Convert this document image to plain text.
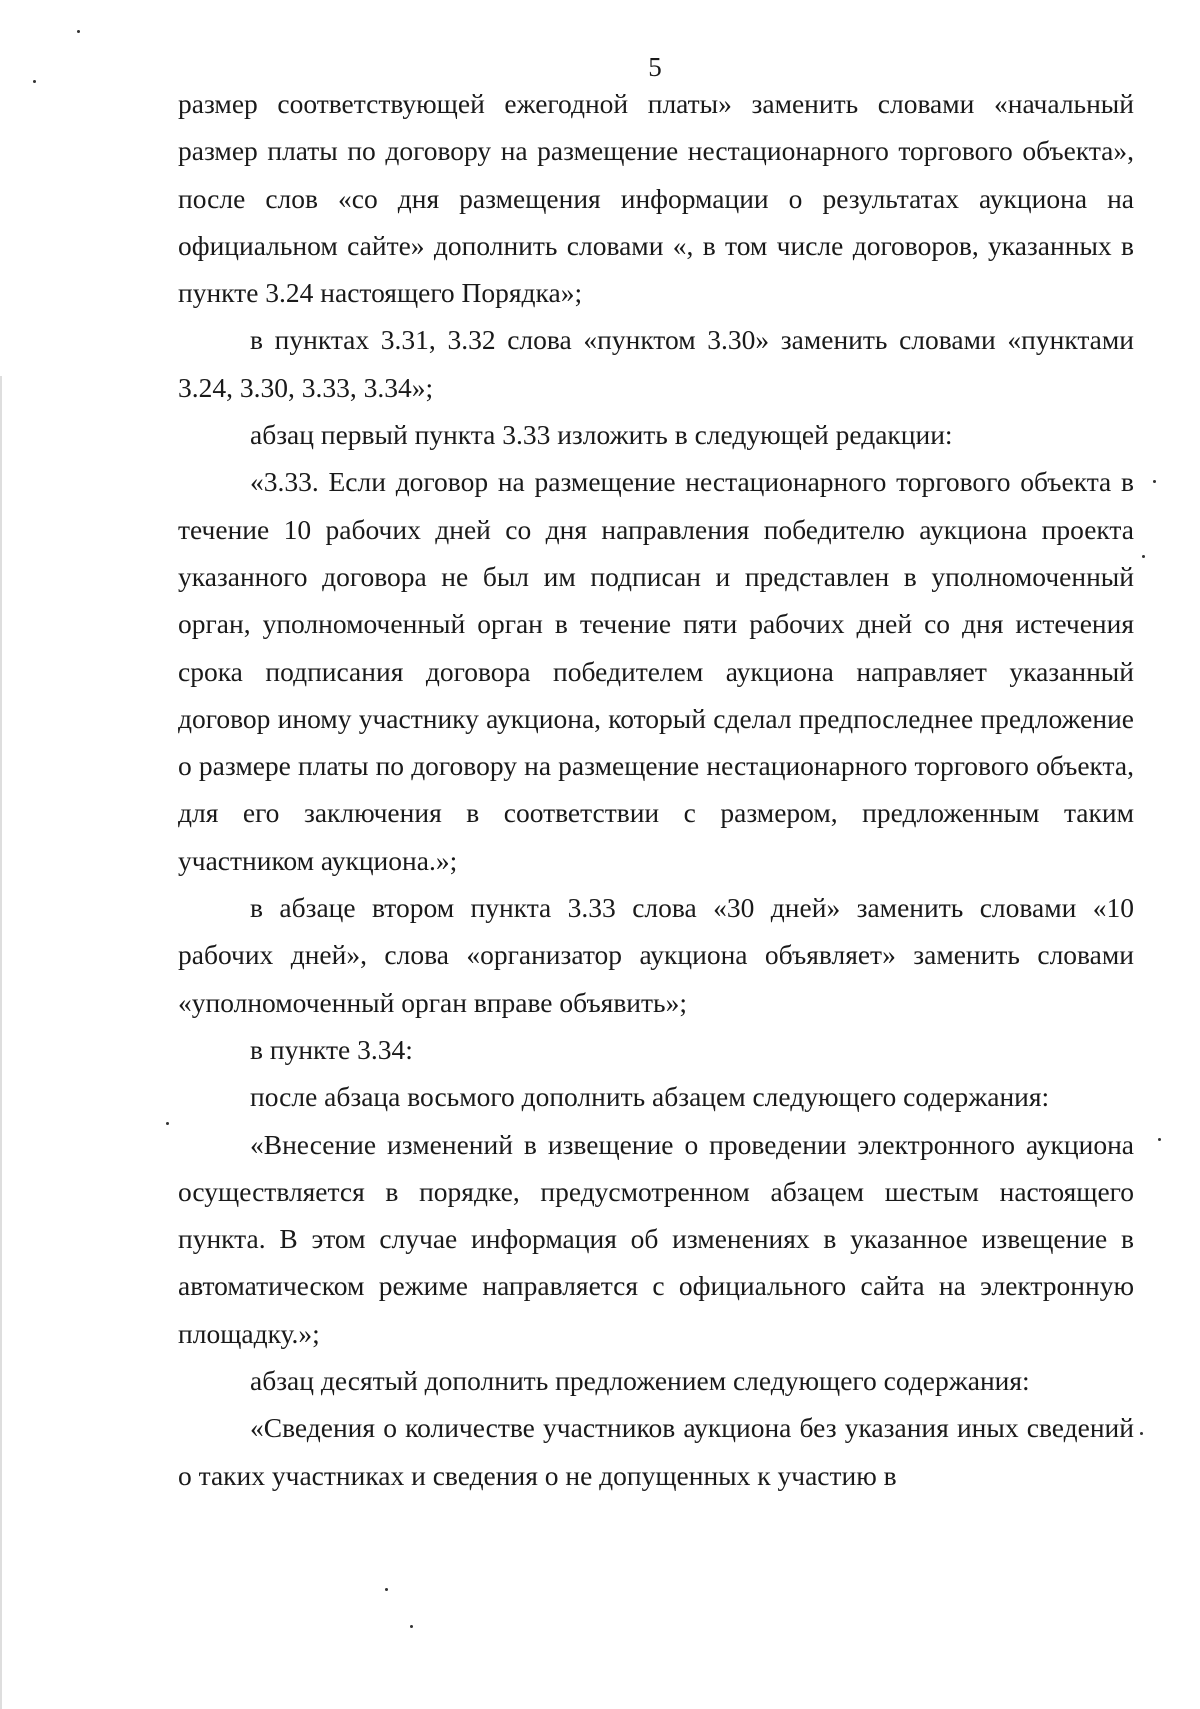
5

размер соответствующей ежегодной платы» заменить словами «начальный размер платы по договору на размещение нестационарного торгового объекта», после слов «со дня размещения информации о результатах аукциона на официальном сайте» дополнить словами «, в том числе договоров, указанных в пункте 3.24 настоящего Порядка»;

в пунктах 3.31, 3.32 слова «пунктом 3.30» заменить словами «пунктами 3.24, 3.30, 3.33, 3.34»;

абзац первый пункта 3.33 изложить в следующей редакции:

«3.33. Если договор на размещение нестационарного торгового объекта в течение 10 рабочих дней со дня направления победителю аукциона проекта указанного договора не был им подписан и представлен в уполномоченный орган, уполномоченный орган в течение пяти рабочих дней со дня истечения срока подписания договора победителем аукциона направляет указанный договор иному участнику аукциона, который сделал предпоследнее предложение о размере платы по договору на размещение нестационарного торгового объекта, для его заключения в соответствии с размером, предложенным таким участником аукциона.»;

в абзаце втором пункта 3.33 слова «30 дней» заменить словами «10 рабочих дней», слова «организатор аукциона объявляет» заменить словами «уполномоченный орган вправе объявить»;

в пункте 3.34:

после абзаца восьмого дополнить абзацем следующего содержания:

«Внесение изменений в извещение о проведении электронного аукциона осуществляется в порядке, предусмотренном абзацем шестым настоящего пункта. В этом случае информация об изменениях в указанное извещение в автоматическом режиме направляется с официального сайта на электронную площадку.»;

абзац десятый дополнить предложением следующего содержания:

«Сведения о количестве участников аукциона без указания иных сведений о таких участниках и сведения о не допущенных к участию в
